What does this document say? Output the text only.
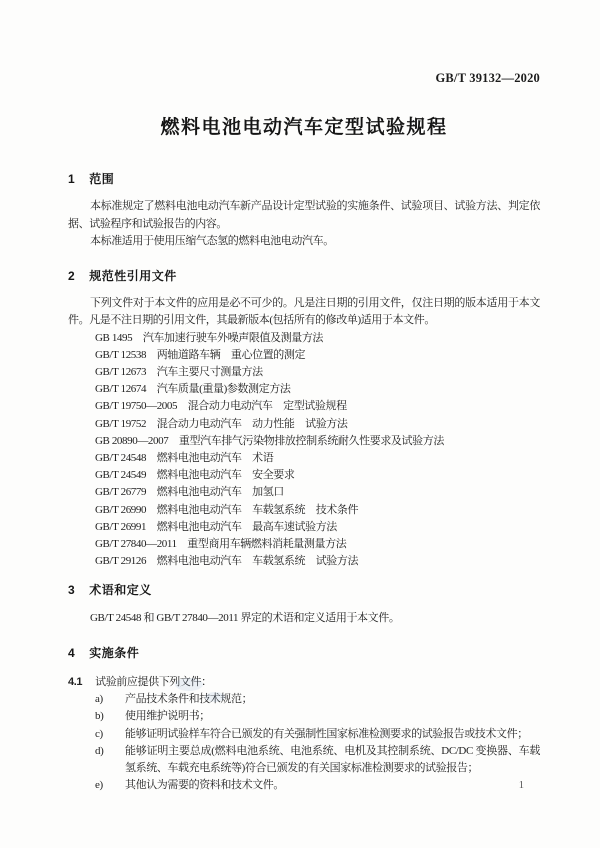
GB/T 39132—2020
燃料电池电动汽车定型试验规程
1 范围
本标准规定了燃料电池电动汽车新产品设计定型试验的实施条件、试验项目、试验方法、判定依据、试验程序和试验报告的内容。
本标准适用于使用压缩气态氢的燃料电池电动汽车。
2 规范性引用文件
下列文件对于本文件的应用是必不可少的。凡是注日期的引用文件，仅注日期的版本适用于本文件。凡是不注日期的引用文件，其最新版本(包括所有的修改单)适用于本文件。
GB 1495　汽车加速行驶车外噪声限值及测量方法
GB/T 12538　两轴道路车辆　重心位置的测定
GB/T 12673　汽车主要尺寸测量方法
GB/T 12674　汽车质量(重量)参数测定方法
GB/T 19750—2005　混合动力电动汽车　定型试验规程
GB/T 19752　混合动力电动汽车　动力性能　试验方法
GB 20890—2007　重型汽车排气污染物排放控制系统耐久性要求及试验方法
GB/T 24548　燃料电池电动汽车　术语
GB/T 24549　燃料电池电动汽车　安全要求
GB/T 26779　燃料电池电动汽车　加氢口
GB/T 26990　燃料电池电动汽车　车载氢系统　技术条件
GB/T 26991　燃料电池电动汽车　最高车速试验方法
GB/T 27840—2011　重型商用车辆燃料消耗量测量方法
GB/T 29126　燃料电池电动汽车　车载氢系统　试验方法
3 术语和定义
GB/T 24548 和 GB/T 27840—2011 界定的术语和定义适用于本文件。
4 实施条件
4.1 试验前应提供下列文件：
a) 产品技术条件和技术规范；
b) 使用维护说明书；
c) 能够证明试验样车符合已颁发的有关强制性国家标准检测要求的试验报告或技术文件；
d) 能够证明主要总成(燃料电池系统、电池系统、电机及其控制系统、DC/DC 变换器、车载氢系统、车载充电系统等)符合已颁发的有关国家标准检测要求的试验报告；
e) 其他认为需要的资料和技术文件。	1
